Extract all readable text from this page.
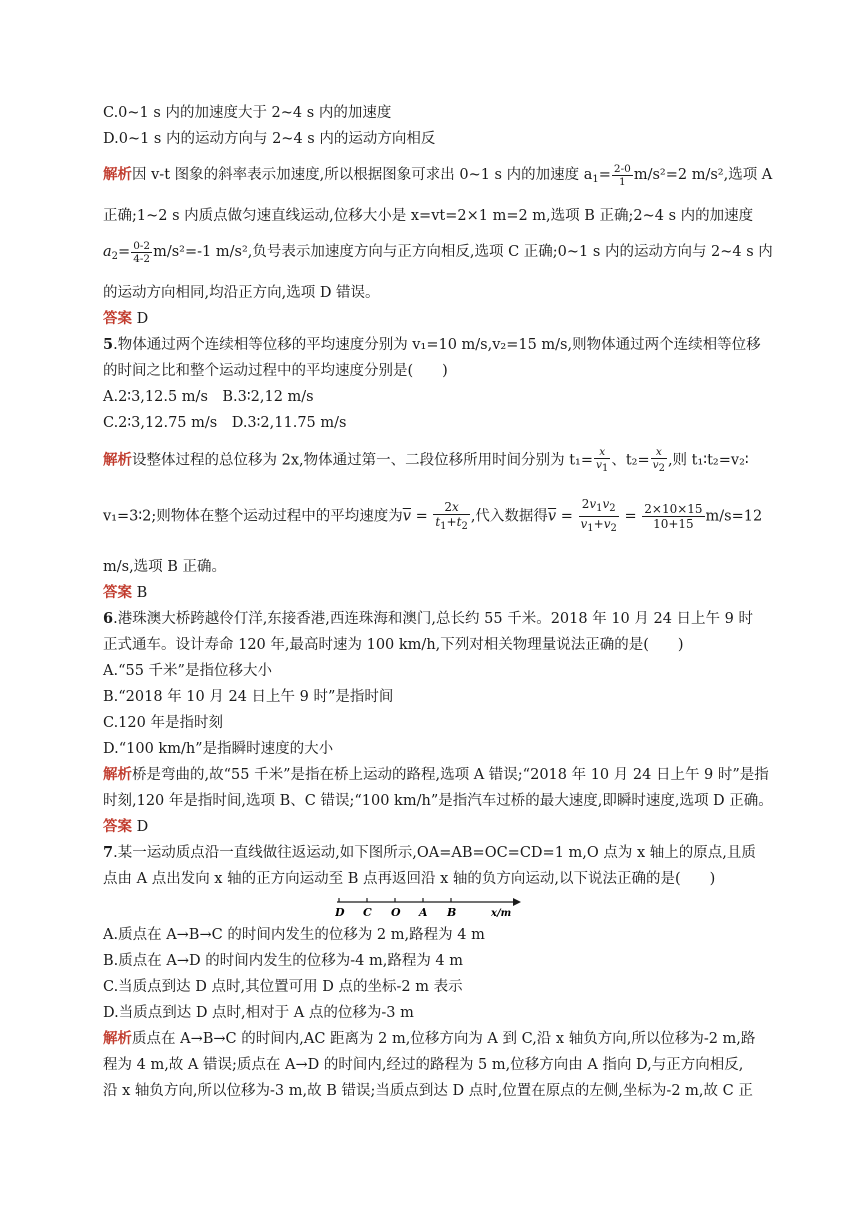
C.0~1 s 内的加速度大于 2~4 s 内的加速度
D.0~1 s 内的运动方向与 2~4 s 内的运动方向相反
解析因 v-t 图象的斜率表示加速度,所以根据图象可求出 0~1 s 内的加速度 $a_1= \frac{2-0}{1} m/s^2=2$ m/s²,选项 A
正确;1~2 s 内质点做匀速直线运动,位移大小是 x=vt=2×1 m=2 m,选项 B 正确;2~4 s 内的加速度
$a_2= \frac{0-2}{4-2} m/s^2=-1$ m/s²,负号表示加速度方向与正方向相反,选项 C 正确;0~1 s 内的运动方向与 2~4 s 内
的运动方向相同,均沿正方向,选项 D 错误。
答案 D
5.物体通过两个连续相等位移的平均速度分别为 v₁=10 m/s,v₂=15 m/s,则物体通过两个连续相等位移
的时间之比和整个运动过程中的平均速度分别是(　　)
A.2∶3,12.5 m/s　B.3∶2,12 m/s
C.2∶3,12.75 m/s　D.3∶2,11.75 m/s
解析设整体过程的总位移为 2x,物体通过第一、二段位移所用时间分别为 $t_1= \frac{x}{v_1}$ 、$t_2= \frac{x}{v_2}$ ,则 t₁∶t₂=v₂∶
v₁=3∶2;则物体在整个运动过程中的平均速度为$\overline{v} = \frac{2x}{t_1+t_2}$ ,代入数据得$\overline{v} = \frac{2v_1v_2}{v_1+v_2} = \frac{2\times 10\times 15}{10+15} m/s=12$
m/s,选项 B 正确。
答案 B
6.港珠澳大桥跨越伶仃洋,东接香港,西连珠海和澳门,总长约 55 千米。2018 年 10 月 24 日上午 9 时
正式通车。设计寿命 120 年,最高时速为 100 km/h,下列对相关物理量说法正确的是(　　)
A.“55 千米”是指位移大小
B.“2018 年 10 月 24 日上午 9 时”是指时间
C.120 年是指时刻
D.“100 km/h”是指瞬时速度的大小
解析桥是弯曲的,故“55 千米”是指在桥上运动的路程,选项 A 错误;“2018 年 10 月 24 日上午 9 时”是指
时刻,120 年是指时间,选项 B、C 错误;“100 km/h”是指汽车过桥的最大速度,即瞬时速度,选项 D 正确。
答案 D
7.某一运动质点沿一直线做往返运动,如下图所示,OA=AB=OC=CD=1 m,O 点为 x 轴上的原点,且质
点由 A 点出发向 x 轴的正方向运动至 B 点再返回沿 x 轴的负方向运动,以下说法正确的是(　　)
D C O A B	x/m
A.质点在 A→B→C 的时间内发生的位移为 2 m,路程为 4 m
B.质点在 A→D 的时间内发生的位移为-4 m,路程为 4 m
C.当质点到达 D 点时,其位置可用 D 点的坐标-2 m 表示
D.当质点到达 D 点时,相对于 A 点的位移为-3 m
解析质点在 A→B→C 的时间内,AC 距离为 2 m,位移方向为 A 到 C,沿 x 轴负方向,所以位移为-2 m,路
程为 4 m,故 A 错误;质点在 A→D 的时间内,经过的路程为 5 m,位移方向由 A 指向 D,与正方向相反,
沿 x 轴负方向,所以位移为-3 m,故 B 错误;当质点到达 D 点时,位置在原点的左侧,坐标为-2 m,故 C 正
